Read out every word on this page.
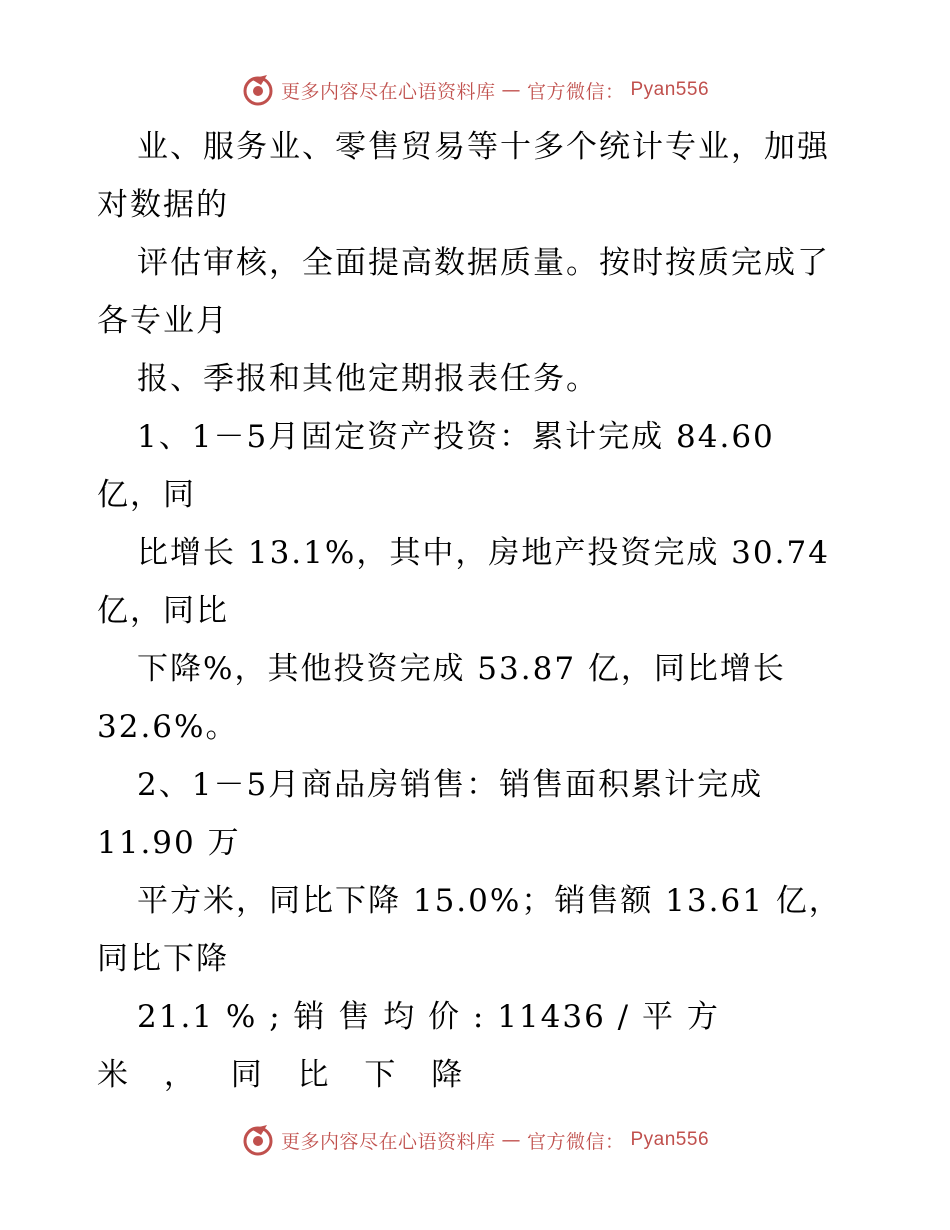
更多内容尽在心语资料库 — 官方微信： Pyan556
业、服务业、零售贸易等十多个统计专业，加强
对数据的
评估审核，全面提高数据质量。按时按质完成了
各专业月
报、季报和其他定期报表任务。
1、1－5月固定资产投资：累计完成 84.60
亿，同
比增长 13.1%，其中，房地产投资完成 30.74
亿，同比
下降%，其他投资完成 53.87 亿，同比增长
32.6%。
2、1－5月商品房销售：销售面积累计完成
11.90 万
平方米，同比下降 15.0%；销售额 13.61 亿，
同比下降
21.1 % ; 销 售 均 价 : 11436 / 平 方
米 ， 同 比 下 降
更多内容尽在心语资料库 — 官方微信： Pyan556
